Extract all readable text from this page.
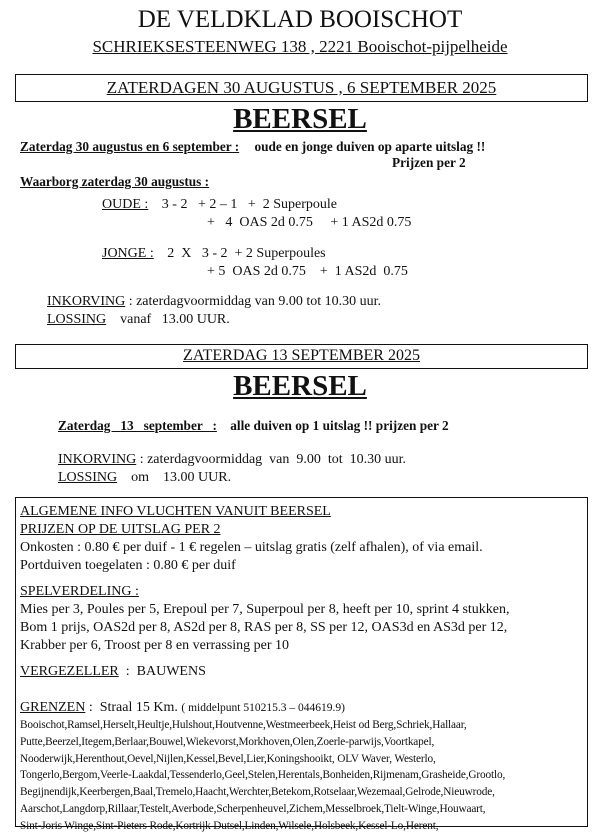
DE VELDKLAD BOOISCHOT
SCHRIEKSESTEENWEG 138 , 2221 Booischot-pijpelheide
ZATERDAGEN 30 AUGUSTUS , 6 SEPTEMBER 2025
BEERSEL
Zaterdag 30 augustus en 6 september : oude en jonge duiven op aparte uitslag !!
Prijzen per 2
Waarborg zaterdag 30 augustus :
OUDE : 3 - 2   + 2 – 1   +  2 Superpoule
+   4  OAS 2d 0.75     + 1 AS2d 0.75
JONGE : 2  X   3 - 2  + 2 Superpoules
+ 5  OAS 2d 0.75    +  1 AS2d  0.75
INKORVING : zaterdagvoormiddag van 9.00 tot 10.30 uur.
LOSSING    vanaf   13.00 UUR.
ZATERDAG 13 SEPTEMBER 2025
BEERSEL
Zaterdag   13   september   : alle duiven op 1 uitslag !! prijzen per 2
INKORVING : zaterdagvoormiddag  van  9.00  tot  10.30 uur.
LOSSING    om    13.00 UUR.

ALGEMENE INFO VLUCHTEN VANUIT BEERSEL

PRIJZEN OP DE UITSLAG PER 2

Onkosten : 0.80 € per duif - 1 € regelen – uitslag gratis (zelf afhalen), of via email.

Portduiven toegelaten : 0.80 € per duif

SPELVERDELING :

Mies per 3, Poules per 5, Erepoul per 7, Superpoul per 8, heeft per 10, sprint 4 stukken,

Bom 1 prijs, OAS2d per 8, AS2d per 8, RAS per 8, SS per 12, OAS3d en AS3d per 12,

Krabber per 6, Troost per 8 en verrassing per 10

VERGEZELLER  :  BAUWENS

GRENZEN :  Straal 15 Km. ( middelpunt 510215.3 – 044619.9)

Booischot,Ramsel,Herselt,Heultje,Hulshout,Houtvenne,Westmeerbeek,Heist od Berg,Schriek,Hallaar,
Putte,Beerzel,Itegem,Berlaar,Bouwel,Wiekevorst,Morkhoven,Olen,Zoerle-parwijs,Voortkapel,
Nooderwijk,Herenthout,Oevel,Nijlen,Kessel,Bevel,Lier,Koningshooikt, OLV Waver, Westerlo,
Tongerlo,Bergom,Veerle-Laakdal,Tessenderlo,Geel,Stelen,Herentals,Bonheiden,Rijmenam,Grasheide,Grootlo,
Begijnendijk,Keerbergen,Baal,Tremelo,Haacht,Werchter,Betekom,Rotselaar,Wezemaal,Gelrode,Nieuwrode,
Aarschot,Langdorp,Rillaar,Testelt,Averbode,Scherpenheuvel,Zichem,Messelbroek,Tielt-Winge,Houwaart,
Sint-Joris Winge,Sint-Pieters Rode,Kortrijk Dutsel,Linden,Wilsele,Holsbeek,Kessel-Lo,Herent,
